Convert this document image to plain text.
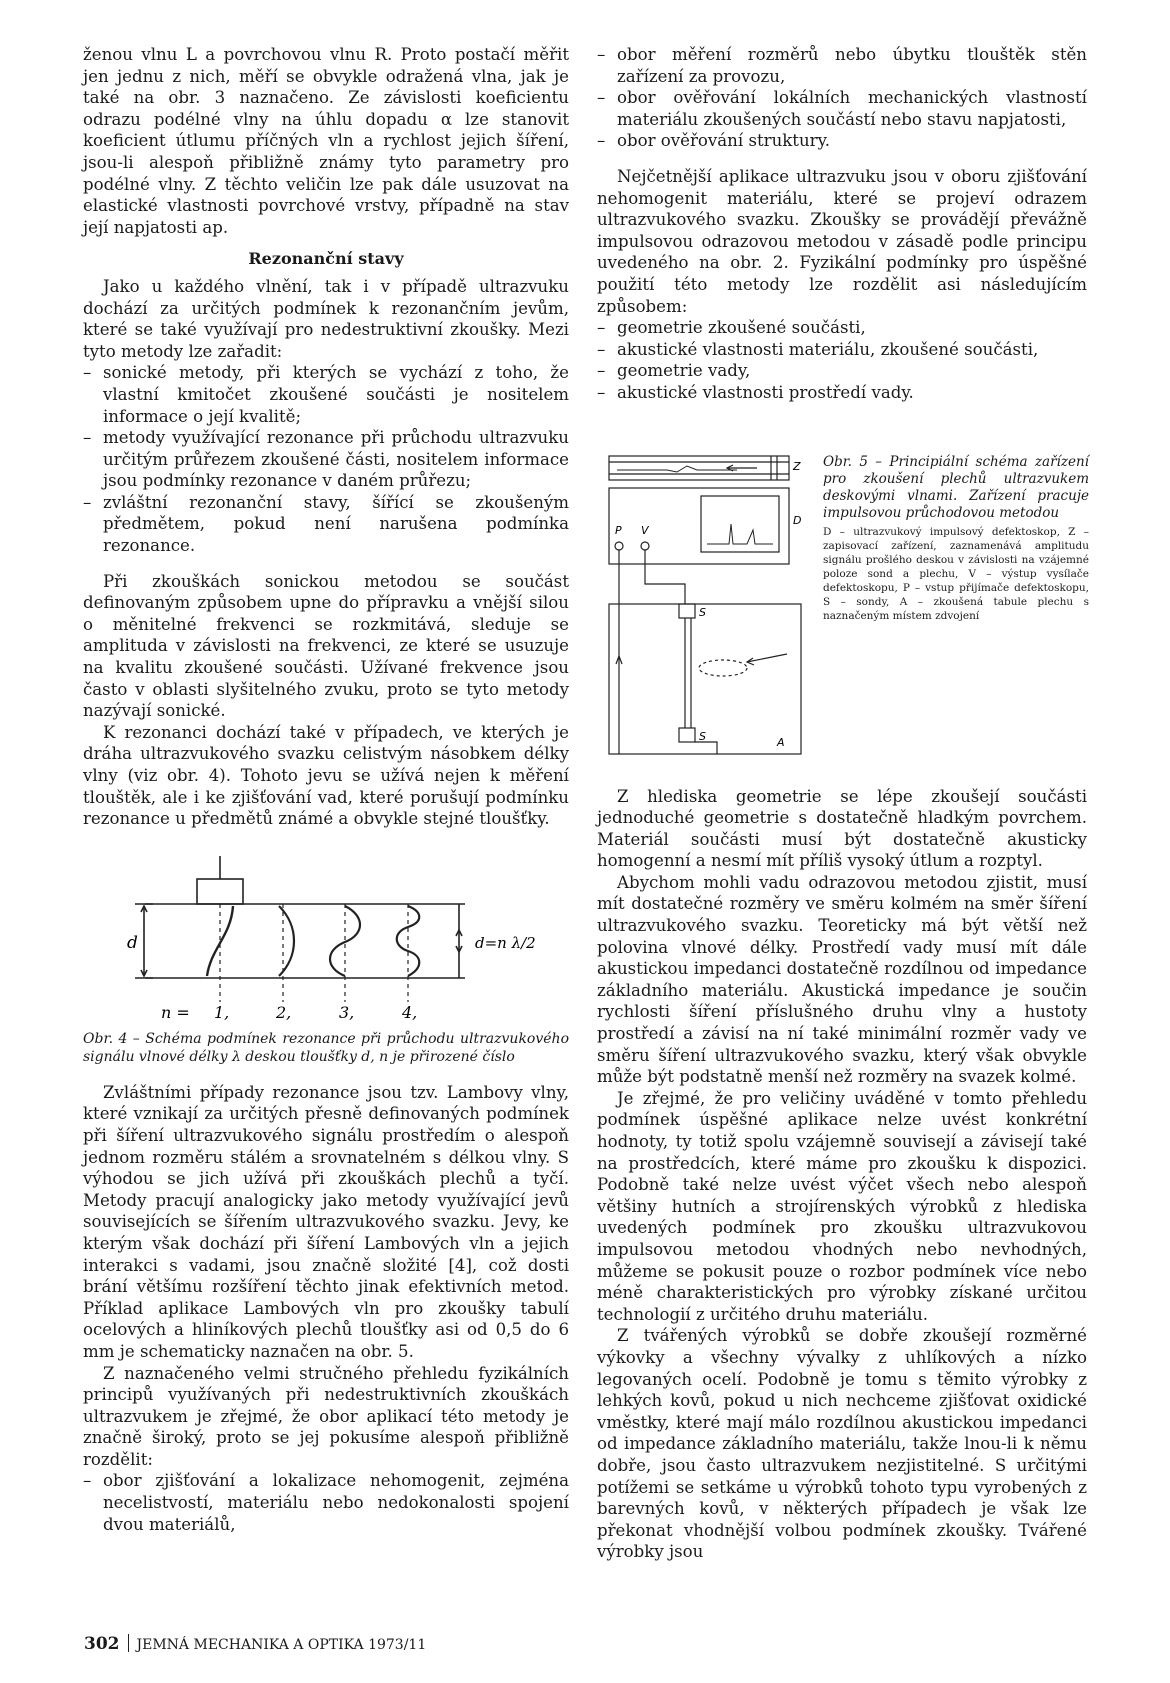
ženou vlnu L a povrchovou vlnu R. Proto postačí měřit jen jednu z nich, měří se obvykle odražená vlna, jak je také na obr. 3 naznačeno. Ze závislosti koeficientu odrazu podélné vlny na úhlu dopadu α lze stanovit koeficient útlumu příčných vln a rychlost jejich šíření, jsou-li alespoň přibližně známy tyto parametry pro podélné vlny. Z těchto veličin lze pak dále usuzovat na elastické vlastnosti povrchové vrstvy, případně na stav její napjatosti ap.

Rezonanční stavy

Jako u každého vlnění, tak i v případě ultrazvuku dochází za určitých podmínek k rezonančním jevům, které se také využívají pro nedestruktivní zkoušky. Mezi tyto metody lze zařadit:

– sonické metody, při kterých se vychází z toho, že vlastní kmitočet zkoušené součásti je nositelem informace o její kvalitě;
– metody využívající rezonance při průchodu ultrazvuku určitým průřezem zkoušené části, nositelem informace jsou podmínky rezonance v daném průřezu;
– zvláštní rezonanční stavy, šířící se zkoušeným předmětem, pokud není narušena podmínka rezonance.

Při zkouškách sonickou metodou se součást definovaným způsobem upne do přípravku a vnější silou o měnitelné frekvenci se rozkmitává, sleduje se amplituda v závislosti na frekvenci, ze které se usuzuje na kvalitu zkoušené součásti. Užívané frekvence jsou často v oblasti slyšitelného zvuku, proto se tyto metody nazývají sonické.

K rezonanci dochází také v případech, ve kterých je dráha ultrazvukového svazku celistvým násobkem délky vlny (viz obr. 4). Tohoto jevu se užívá nejen k měření tlouštěk, ale i ke zjišťování vad, které porušují podmínku rezonance u předmětů známé a obvykle stejné tloušťky.

d	d=n λ/2
n = 1,	2,	3,	4,
Obr. 4 – Schéma podmínek rezonance při průchodu ultrazvukového signálu vlnové délky λ deskou tloušťky d, n je přirozené číslo

Zvláštními případy rezonance jsou tzv. Lambovy vlny, které vznikají za určitých přesně definovaných podmínek při šíření ultrazvukového signálu prostředím o alespoň jednom rozměru stálém a srovnatelném s délkou vlny. S výhodou se jich užívá při zkouškách plechů a tyčí. Metody pracují analogicky jako metody využívající jevů souvisejících se šířením ultrazvukového svazku. Jevy, ke kterým však dochází při šíření Lambových vln a jejich interakci s vadami, jsou značně složité [4], což dosti brání většímu rozšíření těchto jinak efektivních metod. Příklad aplikace Lambových vln pro zkoušky tabulí ocelových a hliníkových plechů tloušťky asi od 0,5 do 6 mm je schematicky naznačen na obr. 5.

Z naznačeného velmi stručného přehledu fyzikálních principů využívaných při nedestruktivních zkouškách ultrazvukem je zřejmé, že obor aplikací této metody je značně široký, proto se jej pokusíme alespoň přibližně rozdělit:

– obor zjišťování a lokalizace nehomogenit, zejména necelistvostí, materiálu nebo nedokonalosti spojení dvou materiálů,
– obor měření rozměrů nebo úbytku tlouštěk stěn zařízení za provozu,
– obor ověřování lokálních mechanických vlastností materiálu zkoušených součástí nebo stavu napjatosti,
– obor ověřování struktury.

Nejčetnější aplikace ultrazvuku jsou v oboru zjišťování nehomogenit materiálu, které se projeví odrazem ultrazvukového svazku. Zkoušky se provádějí převážně impulsovou odrazovou metodou v zásadě podle principu uvedeného na obr. 2. Fyzikální podmínky pro úspěšné použití této metody lze rozdělit asi následujícím způsobem:

– geometrie zkoušené součásti,
– akustické vlastnosti materiálu, zkoušené součásti,
– geometrie vady,
– akustické vlastnosti prostředí vady.
Z
D
P V
S
S	A
Obr. 5 – Principiální schéma zařízení pro zkoušení plechů ultrazvukem deskovými vlnami. Zařízení pracuje impulsovou průchodovou metodou
D – ultrazvukový impulsový defektoskop, Z – zapisovací zařízení, zaznamenává amplitudu signálu prošlého deskou v závislosti na vzájemné poloze sond a plechu, V – výstup vysílače defektoskopu, P – vstup přijímače defektoskopu, S – sondy, A – zkoušená tabule plechu s naznačeným místem zdvojení

Z hlediska geometrie se lépe zkoušejí součásti jednoduché geometrie s dostatečně hladkým povrchem. Materiál součásti musí být dostatečně akusticky homogenní a nesmí mít příliš vysoký útlum a rozptyl.

Abychom mohli vadu odrazovou metodou zjistit, musí mít dostatečné rozměry ve směru kolmém na směr šíření ultrazvukového svazku. Teoreticky má být větší než polovina vlnové délky. Prostředí vady musí mít dále akustickou impedanci dostatečně rozdílnou od impedance základního materiálu. Akustická impedance je součin rychlosti šíření příslušného druhu vlny a hustoty prostředí a závisí na ní také minimální rozměr vady ve směru šíření ultrazvukového svazku, který však obvykle může být podstatně menší než rozměry na svazek kolmé.

Je zřejmé, že pro veličiny uváděné v tomto přehledu podmínek úspěšné aplikace nelze uvést konkrétní hodnoty, ty totiž spolu vzájemně souvisejí a závisejí také na prostředcích, které máme pro zkoušku k dispozici. Podobně také nelze uvést výčet všech nebo alespoň většiny hutních a strojírenských výrobků z hlediska uvedených podmínek pro zkoušku ultrazvukovou impulsovou metodou vhodných nebo nevhodných, můžeme se pokusit pouze o rozbor podmínek více nebo méně charakteristických pro výrobky získané určitou technologií z určitého druhu materiálu.

Z tvářených výrobků se dobře zkoušejí rozměrné výkovky a všechny vývalky z uhlíkových a nízko legovaných ocelí. Podobně je tomu s těmito výrobky z lehkých kovů, pokud u nich nechceme zjišťovat oxidické vměstky, které mají málo rozdílnou akustickou impedanci od impedance základního materiálu, takže lnou-li k němu dobře, jsou často ultrazvukem nezjistitelné. S určitými potížemi se setkáme u výrobků tohoto typu vyrobených z barevných kovů, v některých případech je však lze překonat vhodnější volbou podmínek zkoušky. Tvářené výrobky jsou

302 JEMNÁ MECHANIKA A OPTIKA 1973/11
